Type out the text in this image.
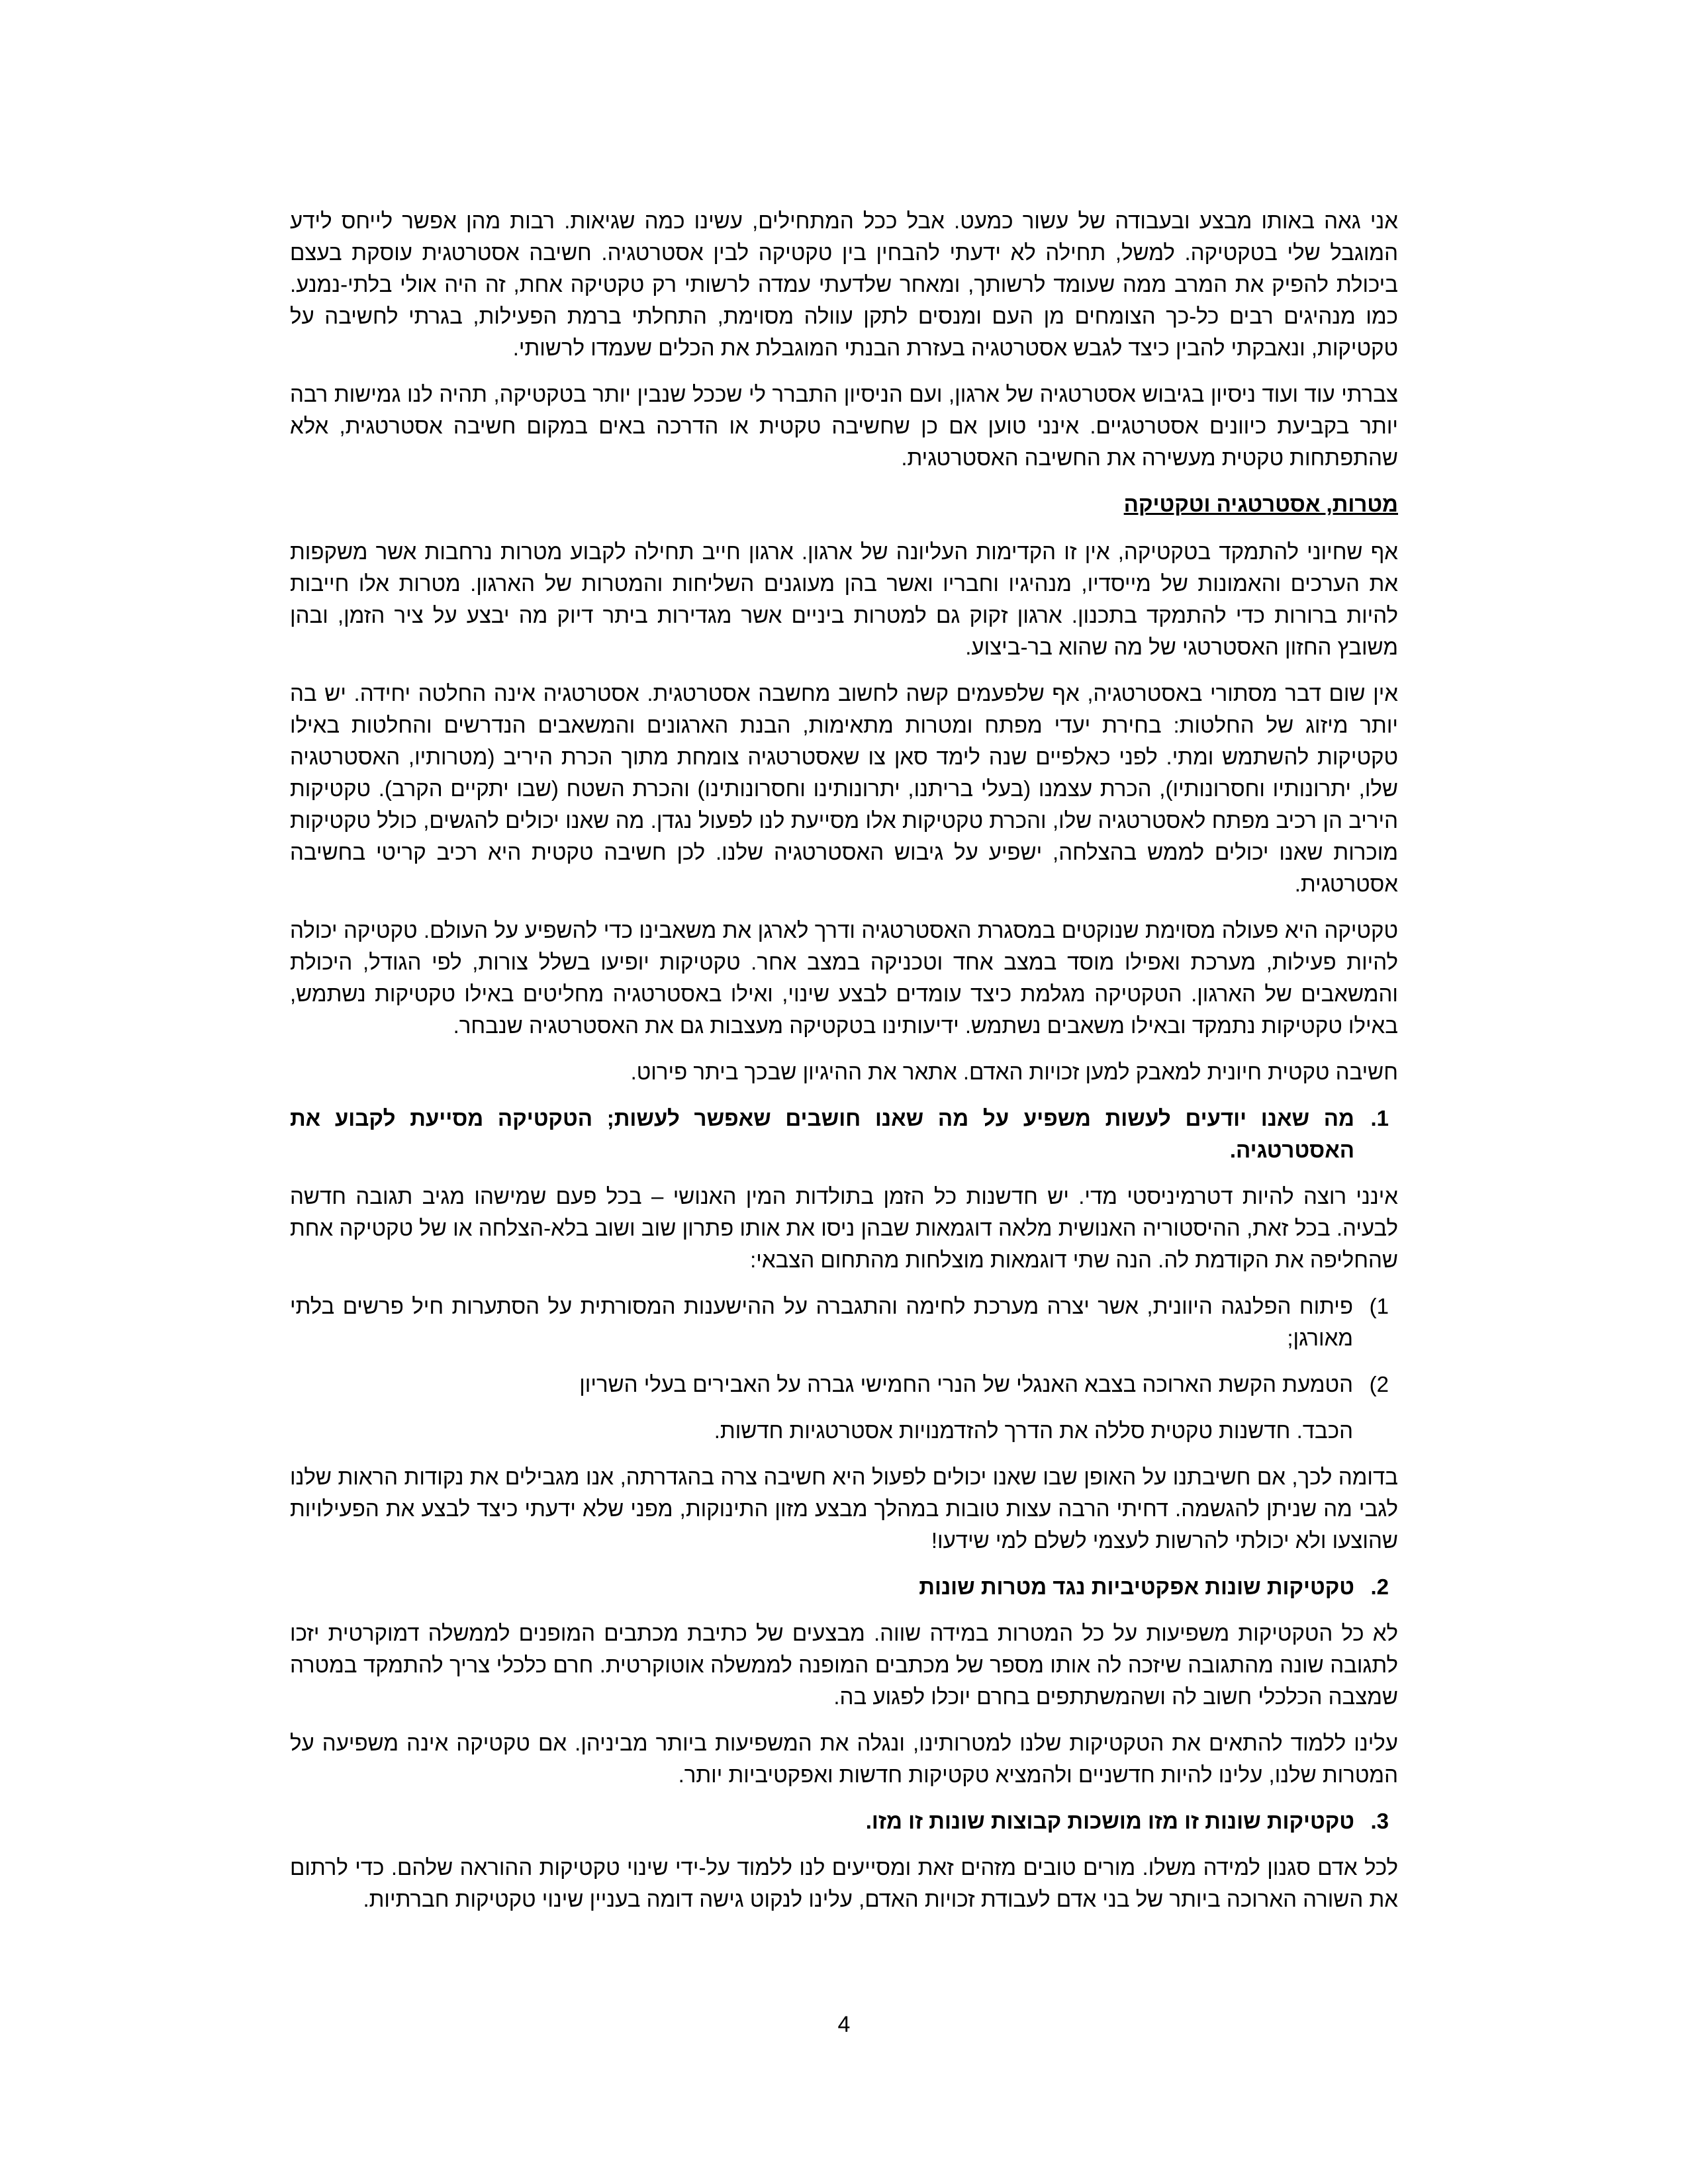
אני גאה באותו מבצע ובעבודה של עשור כמעט. אבל ככל המתחילים, עשינו כמה שגיאות. רבות מהן אפשר לייחס לידע המוגבל שלי בטקטיקה. למשל, תחילה לא ידעתי להבחין בין טקטיקה לבין אסטרטגיה. חשיבה אסטרטגית עוסקת בעצם ביכולת להפיק את המרב ממה שעומד לרשותך, ומאחר שלדעתי עמדה לרשותי רק טקטיקה אחת, זה היה אולי בלתי-נמנע. כמו מנהיגים רבים כל-כך הצומחים מן העם ומנסים לתקן עוולה מסוימת, התחלתי ברמת הפעילות, בגרתי לחשיבה על טקטיקות, ונאבקתי להבין כיצד לגבש אסטרטגיה בעזרת הבנתי המוגבלת את הכלים שעמדו לרשותי.

צברתי עוד ועוד ניסיון בגיבוש אסטרטגיה של ארגון, ועם הניסיון התברר לי שככל שנבין יותר בטקטיקה, תהיה לנו גמישות רבה יותר בקביעת כיוונים אסטרטגיים. אינני טוען אם כן שחשיבה טקטית או הדרכה באים במקום חשיבה אסטרטגית, אלא שהתפתחות טקטית מעשירה את החשיבה האסטרטגית.

מטרות, אסטרטגיה וטקטיקה

אף שחיוני להתמקד בטקטיקה, אין זו הקדימות העליונה של ארגון. ארגון חייב תחילה לקבוע מטרות נרחבות אשר משקפות את הערכים והאמונות של מייסדיו, מנהיגיו וחבריו ואשר בהן מעוגנים השליחות והמטרות של הארגון. מטרות אלו חייבות להיות ברורות כדי להתמקד בתכנון. ארגון זקוק גם למטרות ביניים אשר מגדירות ביתר דיוק מה יבצע על ציר הזמן, ובהן משובץ החזון האסטרטגי של מה שהוא בר-ביצוע.

אין שום דבר מסתורי באסטרטגיה, אף שלפעמים קשה לחשוב מחשבה אסטרטגית. אסטרטגיה אינה החלטה יחידה. יש בה יותר מיזוג של החלטות: בחירת יעדי מפתח ומטרות מתאימות, הבנת הארגונים והמשאבים הנדרשים והחלטות באילו טקטיקות להשתמש ומתי. לפני כאלפיים שנה לימד סאן צו שאסטרטגיה צומחת מתוך הכרת היריב (מטרותיו, האסטרטגיה שלו, יתרונותיו וחסרונותיו), הכרת עצמנו (בעלי בריתנו, יתרונותינו וחסרונותינו) והכרת השטח (שבו יתקיים הקרב). טקטיקות היריב הן רכיב מפתח לאסטרטגיה שלו, והכרת טקטיקות אלו מסייעת לנו לפעול נגדן. מה שאנו יכולים להגשים, כולל טקטיקות מוכרות שאנו יכולים לממש בהצלחה, ישפיע על גיבוש האסטרטגיה שלנו. לכן חשיבה טקטית היא רכיב קריטי בחשיבה אסטרטגית.

טקטיקה היא פעולה מסוימת שנוקטים במסגרת האסטרטגיה ודרך לארגן את משאבינו כדי להשפיע על העולם. טקטיקה יכולה להיות פעילות, מערכת ואפילו מוסד במצב אחד וטכניקה במצב אחר. טקטיקות יופיעו בשלל צורות, לפי הגודל, היכולת והמשאבים של הארגון. הטקטיקה מגלמת כיצד עומדים לבצע שינוי, ואילו באסטרטגיה מחליטים באילו טקטיקות נשתמש, באילו טקטיקות נתמקד ובאילו משאבים נשתמש. ידיעותינו בטקטיקה מעצבות גם את האסטרטגיה שנבחר.

חשיבה טקטית חיונית למאבק למען זכויות האדם. אתאר את ההיגיון שבכך ביתר פירוט.

1.
מה שאנו יודעים לעשות משפיע על מה שאנו חושבים שאפשר לעשות; הטקטיקה מסייעת לקבוע את האסטרטגיה.

אינני רוצה להיות דטרמיניסטי מדי. יש חדשנות כל הזמן בתולדות המין האנושי – בכל פעם שמישהו מגיב תגובה חדשה לבעיה. בכל זאת, ההיסטוריה האנושית מלאה דוגמאות שבהן ניסו את אותו פתרון שוב ושוב בלא-הצלחה או של טקטיקה אחת שהחליפה את הקודמת לה. הנה שתי דוגמאות מוצלחות מהתחום הצבאי:

1)
פיתוח הפלנגה היוונית, אשר יצרה מערכת לחימה והתגברה על ההישענות המסורתית על הסתערות חיל פרשים בלתי מאורגן;
2)
הטמעת הקשת הארוכה בצבא האנגלי של הנרי החמישי גברה על האבירים בעלי השריון

הכבד. חדשנות טקטית סללה את הדרך להזדמנויות אסטרטגיות חדשות.

בדומה לכך, אם חשיבתנו על האופן שבו שאנו יכולים לפעול היא חשיבה צרה בהגדרתה, אנו מגבילים את נקודות הראות שלנו לגבי מה שניתן להגשמה. דחיתי הרבה עצות טובות במהלך מבצע מזון התינוקות, מפני שלא ידעתי כיצד לבצע את הפעילויות שהוצעו ולא יכולתי להרשות לעצמי לשלם למי שידעו!

2.
טקטיקות שונות אפקטיביות נגד מטרות שונות

לא כל הטקטיקות משפיעות על כל המטרות במידה שווה. מבצעים של כתיבת מכתבים המופנים לממשלה דמוקרטית יזכו לתגובה שונה מהתגובה שיזכה לה אותו מספר של מכתבים המופנה לממשלה אוטוקרטית. חרם כלכלי צריך להתמקד במטרה שמצבה הכלכלי חשוב לה ושהמשתתפים בחרם יוכלו לפגוע בה.

עלינו ללמוד להתאים את הטקטיקות שלנו למטרותינו, ונגלה את המשפיעות ביותר מביניהן. אם טקטיקה אינה משפיעה על המטרות שלנו, עלינו להיות חדשניים ולהמציא טקטיקות חדשות ואפקטיביות יותר.

3.
טקטיקות שונות זו מזו מושכות קבוצות שונות זו מזו.

לכל אדם סגנון למידה משלו. מורים טובים מזהים זאת ומסייעים לנו ללמוד על-ידי שינוי טקטיקות ההוראה שלהם. כדי לרתום את השורה הארוכה ביותר של בני אדם לעבודת זכויות האדם, עלינו לנקוט גישה דומה בעניין שינוי טקטיקות חברתיות.

4
